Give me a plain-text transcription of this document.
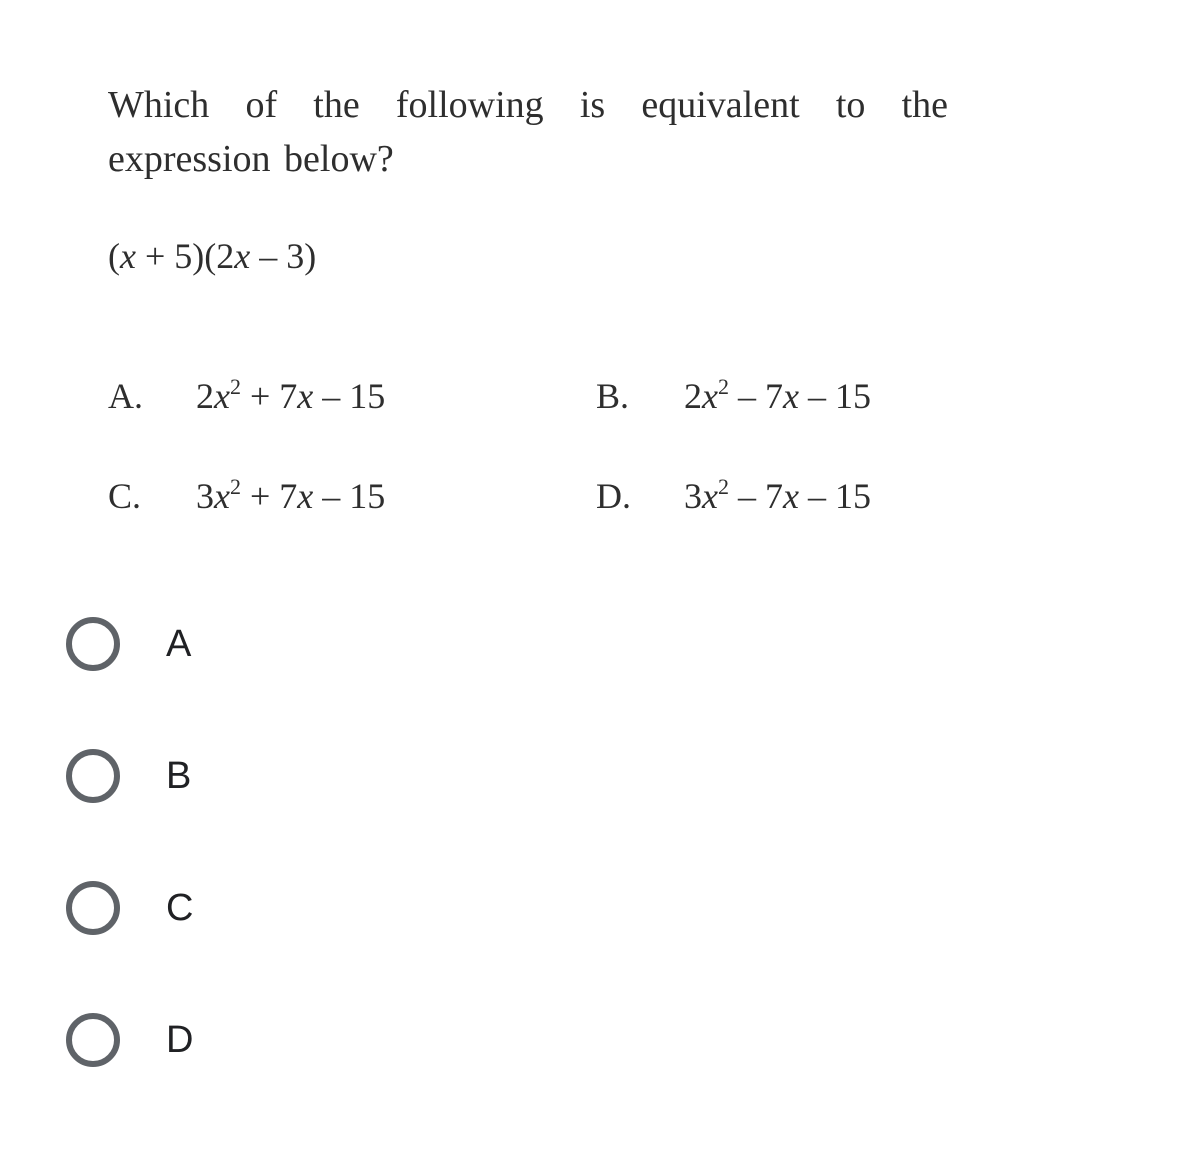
Which of the following is equivalent to the
expression below?
(x + 5)(2x – 3)
A. $2x^2 + 7x - 15$	B. $2x^2 - 7x - 15$
C. $3x^2 + 7x - 15$	D. $3x^2 - 7x - 15$
A
B
C
D
